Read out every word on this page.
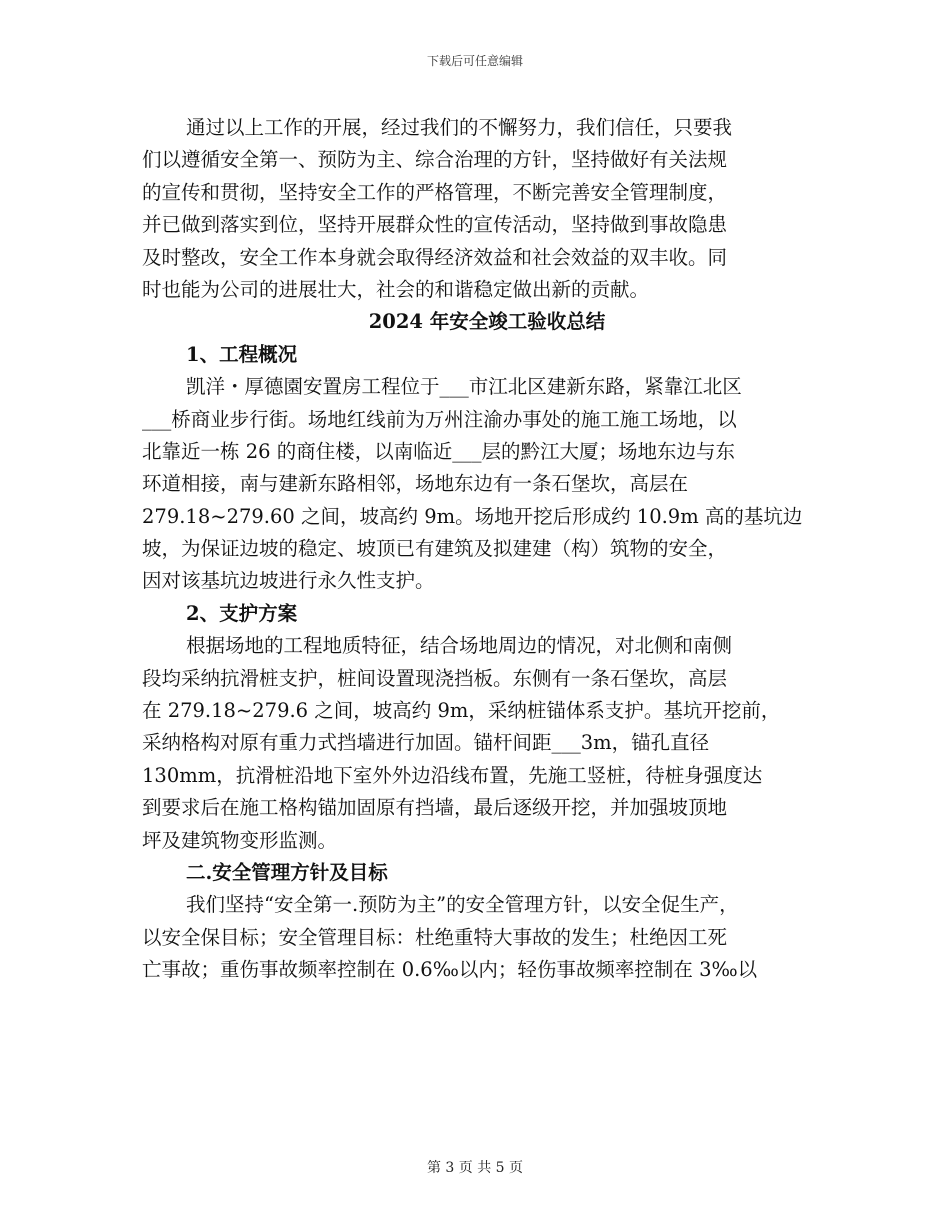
下载后可任意编辑

通过以上工作的开展，经过我们的不懈努力，我们信任，只要我

们以遵循安全第一、预防为主、综合治理的方针，坚持做好有关法规

的宣传和贯彻，坚持安全工作的严格管理，不断完善安全管理制度，

并已做到落实到位，坚持开展群众性的宣传活动，坚持做到事故隐患

及时整改，安全工作本身就会取得经济效益和社会效益的双丰收。同

时也能为公司的进展壮大，社会的和谐稳定做出新的贡献。

2024 年安全竣工验收总结
1、工程概况

凯洋・厚德園安置房工程位于___市江北区建新东路，紧靠江北区

___桥商业步行街。场地红线前为万州注渝办事处的施工施工场地，以

北靠近一栋 26 的商住楼，以南临近___层的黔江大厦；场地东边与东

环道相接，南与建新东路相邻，场地东边有一条石堡坎，高层在

279.18~279.60 之间，坡高约 9m。场地开挖后形成约 10.9m 高的基坑边

坡，为保证边坡的稳定、坡顶已有建筑及拟建建（构）筑物的安全，

因对该基坑边坡进行永久性支护。

2、支护方案

根据场地的工程地质特征，结合场地周边的情况，对北侧和南侧

段均采纳抗滑桩支护，桩间设置现浇挡板。东侧有一条石堡坎，高层

在 279.18~279.6 之间，坡高约 9m，采纳桩锚体系支护。基坑开挖前，

采纳格构对原有重力式挡墙进行加固。锚杆间距___3m，锚孔直径

130mm，抗滑桩沿地下室外外边沿线布置，先施工竖桩，待桩身强度达

到要求后在施工格构锚加固原有挡墙，最后逐级开挖，并加强坡顶地

坪及建筑物变形监测。

二.安全管理方针及目标

我们坚持“安全第一.预防为主”的安全管理方针，以安全促生产，

以安全保目标；安全管理目标：杜绝重特大事故的发生；杜绝因工死

亡事故；重伤事故频率控制在 0.6‰以内；轻伤事故频率控制在 3‰以

第 3 页 共 5 页
